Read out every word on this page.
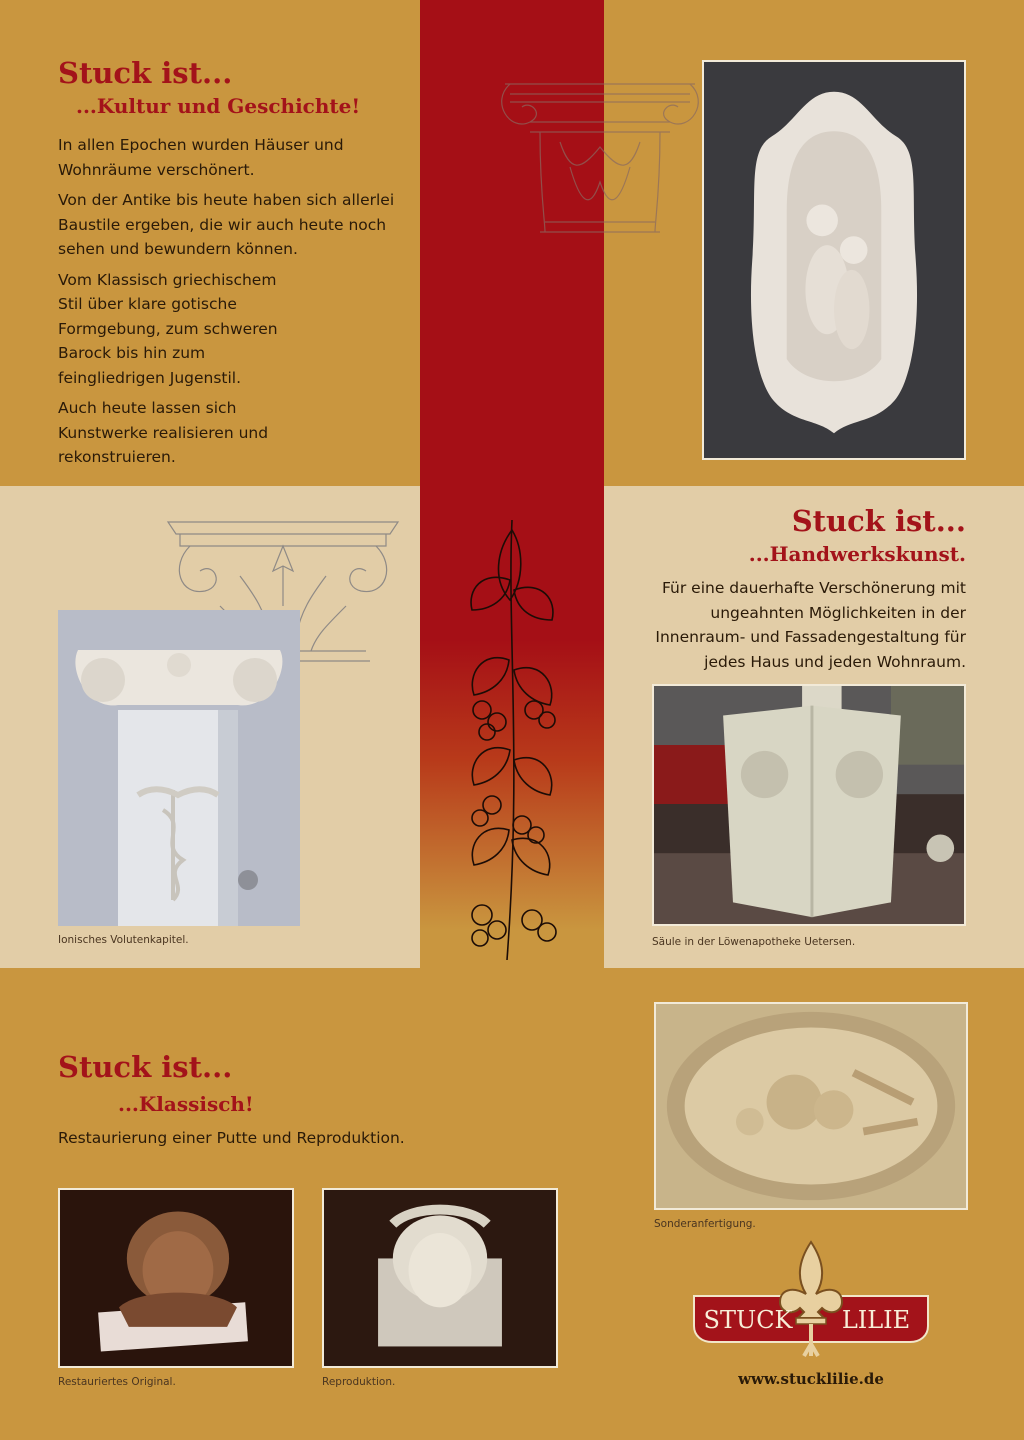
Stuck ist...
...Kultur und Geschichte!

In allen Epochen wurden Häuser und Wohnräume verschönert.

Von der Antike bis heute haben sich allerlei Baustile ergeben, die wir auch heute noch sehen und bewundern können.

Vom Klassisch griechischem Stil über klare gotische Formgebung, zum schweren Barock bis hin zum feingliedrigen Jugenstil.

Auch heute lassen sich Kunstwerke realisieren und rekonstruieren.

Ionisches Volutenkapitel.
Stuck ist...
...Handwerkskunst.
Für eine dauerhafte Verschönerung mit ungeahnten Möglichkeiten in der Innenraum- und Fassadengestaltung für jedes Haus und jeden Wohnraum.
Säule in der Löwenapotheke Uetersen.
Stuck ist...
...Klassisch!
Restaurierung einer Putte und Reproduktion.
Restauriertes Original.	Reproduktion.
Sonderanfertigung.
STUCK LILIE
www.stucklilie.de
